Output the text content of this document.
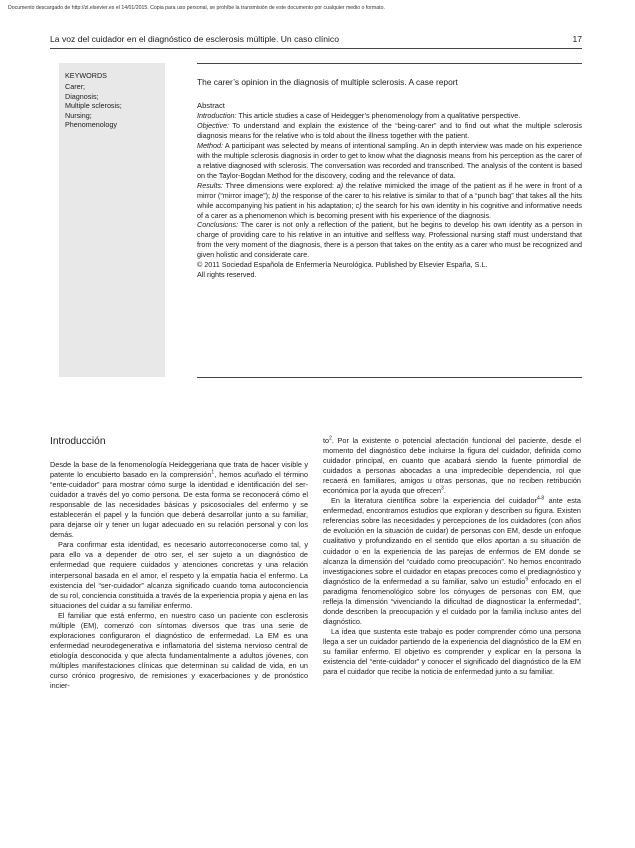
Documento descargado de http://zl.elsevier.es el 14/01/2015. Copia para uso personal, se prohíbe la transmisión de este documento por cualquier medio o formato.
La voz del cuidador en el diagnóstico de esclerosis múltiple. Un caso clínico	17
KEYWORDS
Carer;
Diagnosis;
Multiple sclerosis;
Nursing;
Phenomenology
The carer’s opinion in the diagnosis of multiple sclerosis. A case report
Abstract

Introduction: This article studies a case of Heidegger’s phenomenology from a qualitative perspective.

Objective: To understand and explain the existence of the “being-carer” and to find out what the multiple sclerosis diagnosis means for the relative who is told about the illness together with the patient.

Method: A participant was selected by means of intentional sampling. An in depth interview was made on his experience with the multiple sclerosis diagnosis in order to get to know what the diagnosis means from his perception as the carer of a relative diagnosed with sclerosis. The conversation was recorded and transcribed. The analysis of the content is based on the Taylor-Bogdan Method for the discovery, coding and the relevance of data.

Results: Three dimensions were explored: a) the relative mimicked the image of the patient as if he were in front of a mirror (“mirror image”); b) the response of the carer to his relative is similar to that of a “punch bag” that takes all the hits while accompanying his patient in his adaptation; c) the search for his own identity in his cognitive and informative needs of a carer as a phenomenon which is becoming present with his experience of the diagnosis.

Conclusions: The carer is not only a reflection of the patient, but he begins to develop his own identity as a person in charge of providing care to his relative in an intuitive and selfless way. Professional nursing staff must understand that from the very moment of the diagnosis, there is a person that takes on the entity as a carer who must be recognized and given holistic and considerate care.

© 2011 Sociedad Española de Enfermería Neurológica. Published by Elsevier España, S.L.

All rights reserved.

Introducción

Desde la base de la fenomenología Heideggeriana que trata de hacer visible y patente lo encubierto basado en la comprensión$^1$, hemos acuñado el término “ente-cuidador” para mostrar cómo surge la identidad e identificación del ser-cuidador a través del yo como persona. De esta forma se reconocerá cómo el responsable de las necesidades básicas y psicosociales del enfermo y se establecerán el papel y la función que deberá desarrollar junto a su familiar, para dejarse oír y tener un lugar adecuado en su relación personal y con los demás.

Para confirmar esta identidad, es necesario autorreconocerse como tal, y para ello va a depender de otro ser, el ser sujeto a un diagnóstico de enfermedad que requiere cuidados y atenciones concretas y una relación interpersonal basada en el amor, el respeto y la empatía hacia el enfermo. La existencia del “ser-cuidador” alcanza significado cuando toma autoconciencia de su rol, conciencia constituida a través de la experiencia propia y ajena en las situaciones del cuidar a su familiar enfermo.

El familiar que está enfermo, en nuestro caso un paciente con esclerosis múltiple (EM), comenzó con síntomas diversos que tras una serie de exploraciones configuraron el diagnóstico de enfermedad. La EM es una enfermedad neurodegenerativa e inflamatoria del sistema nervioso central de etiología desconocida y que afecta fundamentalmente a adultos jóvenes, con múltiples manifestaciones clínicas que determinan su calidad de vida, en un curso crónico progresivo, de remisiones y exacerbaciones y de pronóstico incier-

$to^2$. Por la existente o potencial afectación funcional del paciente, desde el momento del diagnóstico debe incluirse la figura del cuidador, definida como cuidador principal, en cuanto que acabará siendo la fuente primordial de cuidados a personas abocadas a una impredecible dependencia, rol que recaerá en familiares, amigos u otras personas, que no reciben retribución económica por la ayuda que ofrecen$^3$.

En la literatura científica sobre la experiencia del cuidador$^{4-8}$ ante esta enfermedad, encontramos estudios que exploran y describen su figura. Existen referencias sobre las necesidades y percepciones de los cuidadores (con años de evolución en la situación de cuidar) de personas con EM, desde un enfoque cualitativo y profundizando en el sentido que ellos aportan a su situación de cuidador o en la experiencia de las parejas de enfermos de EM donde se alcanza la dimensión del “cuidado como preocupación”. No hemos encontrado investigaciones sobre el cuidador en etapas precoces como el prediagnóstico y diagnóstico de la enfermedad a su familiar, salvo un estudio$^9$ enfocado en el paradigma fenomenológico sobre los cónyuges de personas con EM, que refleja la dimensión “vivenciando la dificultad de diagnosticar la enfermedad”, donde describen la preocupación y el cuidado por la familia incluso antes del diagnóstico.

La idea que sustenta este trabajo es poder comprender cómo una persona llega a ser un cuidador partiendo de la experiencia del diagnóstico de la EM en su familiar enfermo. El objetivo es comprender y explicar en la persona la existencia del “ente-cuidador” y conocer el significado del diagnóstico de la EM para el cuidador que recibe la noticia de enfermedad junto a su familiar.
